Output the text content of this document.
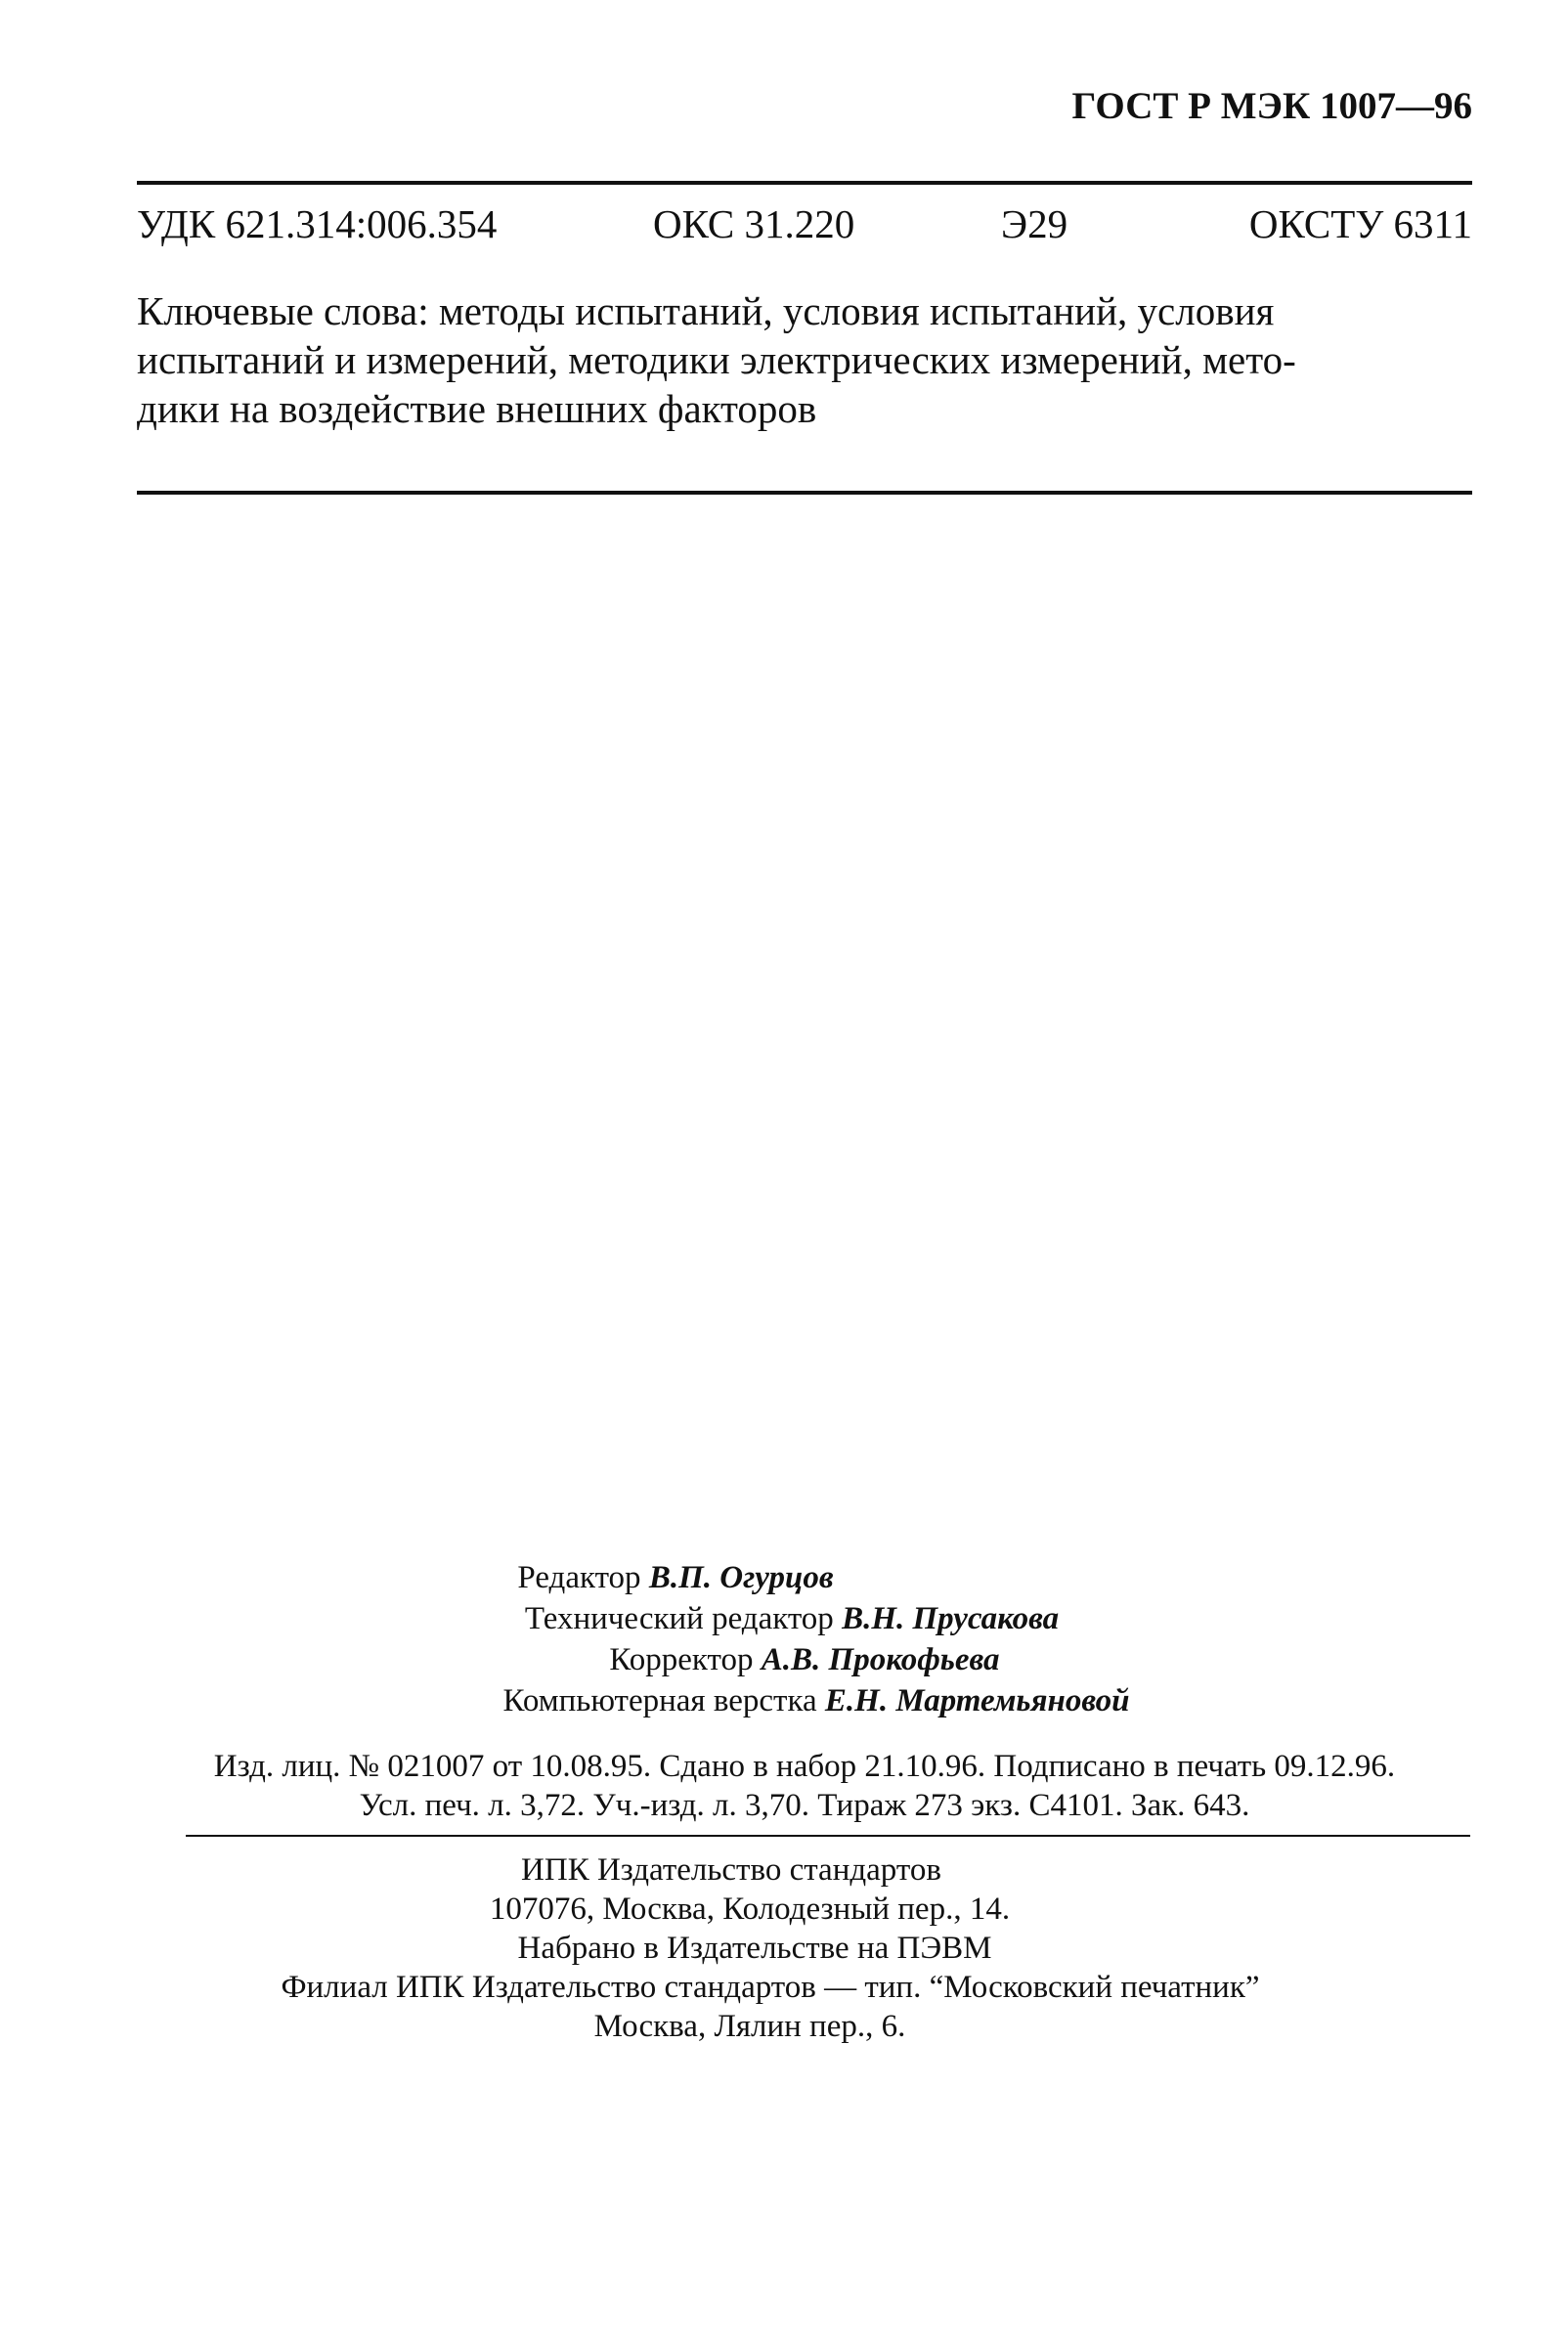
ГОСТ Р МЭК 1007—96
УДК 621.314:006.354	ОКС 31.220	Э29	ОКСТУ 6311
Ключевые слова: методы испытаний, условия испытаний, условия
испытаний и измерений, методики электрических измерений, мето-
дики на воздействие внешних факторов
Редактор В.П. Огурцов
Технический редактор В.Н. Прусакова
Корректор А.В. Прокофьева
Компьютерная верстка Е.Н. Мартемьяновой
Изд. лиц. № 021007 от 10.08.95. Сдано в набор 21.10.96. Подписано в печать 09.12.96.
Усл. печ. л. 3,72. Уч.-изд. л. 3,70. Тираж 273 экз. С4101. Зак. 643.
ИПК Издательство стандартов
107076, Москва, Колодезный пер., 14.
Набрано в Издательстве на ПЭВМ
Филиал ИПК Издательство стандартов — тип. “Московский печатник”
Москва, Лялин пер., 6.
